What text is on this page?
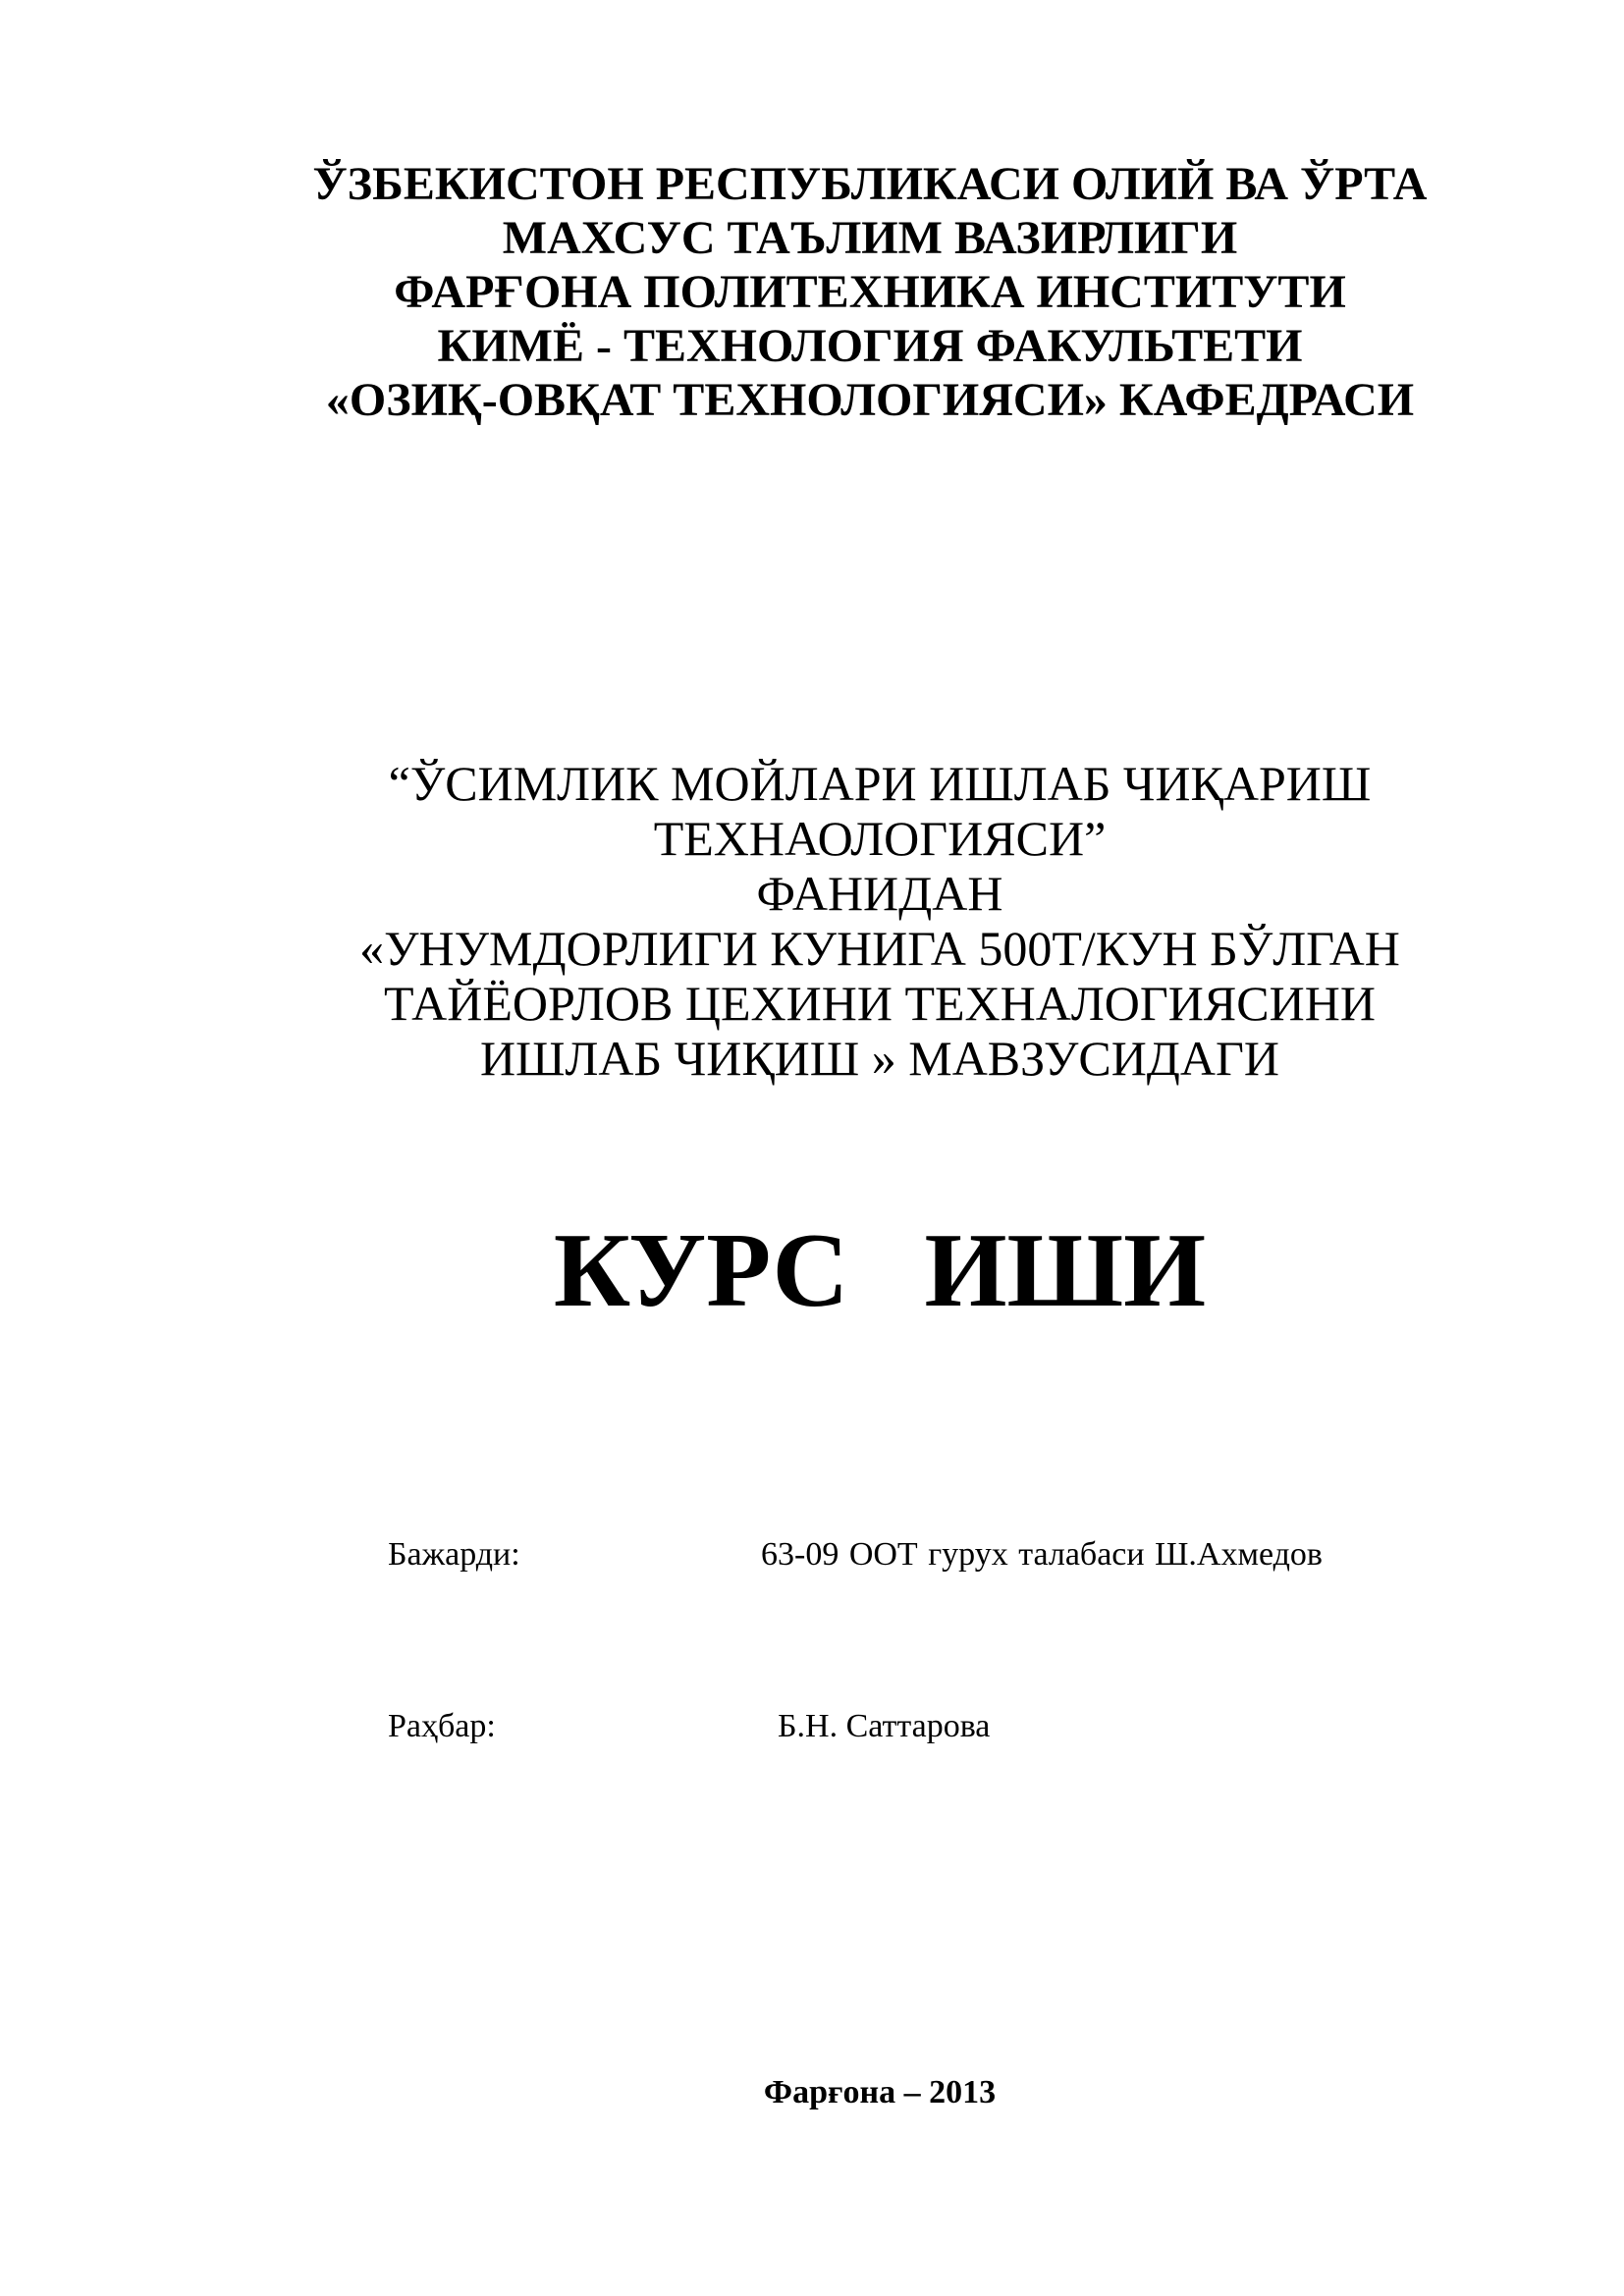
ЎЗБЕКИСТОН РЕСПУБЛИКАСИ ОЛИЙ ВА ЎРТА
МАХСУС ТАЪЛИМ ВАЗИРЛИГИ
ФАРҒОНА ПОЛИТЕХНИКА ИНСТИТУТИ
КИМЁ - ТЕХНОЛОГИЯ ФАКУЛЬТЕТИ
«ОЗИҚ-ОВҚАТ ТЕХНОЛОГИЯСИ» КАФЕДРАСИ
“ЎСИМЛИК МОЙЛАРИ ИШЛАБ ЧИҚАРИШ
ТЕХНАОЛОГИЯСИ”
ФАНИДАН
«УНУМДОРЛИГИ КУНИГА 500Т/КУН БЎЛГАН
ТАЙЁОРЛОВ ЦЕХИНИ ТЕХНАЛОГИЯСИНИ
ИШЛАБ ЧИҚИШ » МАВЗУСИДАГИ
КУРС ИШИ
Бажарди:	63-09 ООТ гурух талабаси Ш.Ахмедов
Раҳбар:	Б.Н. Саттарова
Фарғона – 2013
